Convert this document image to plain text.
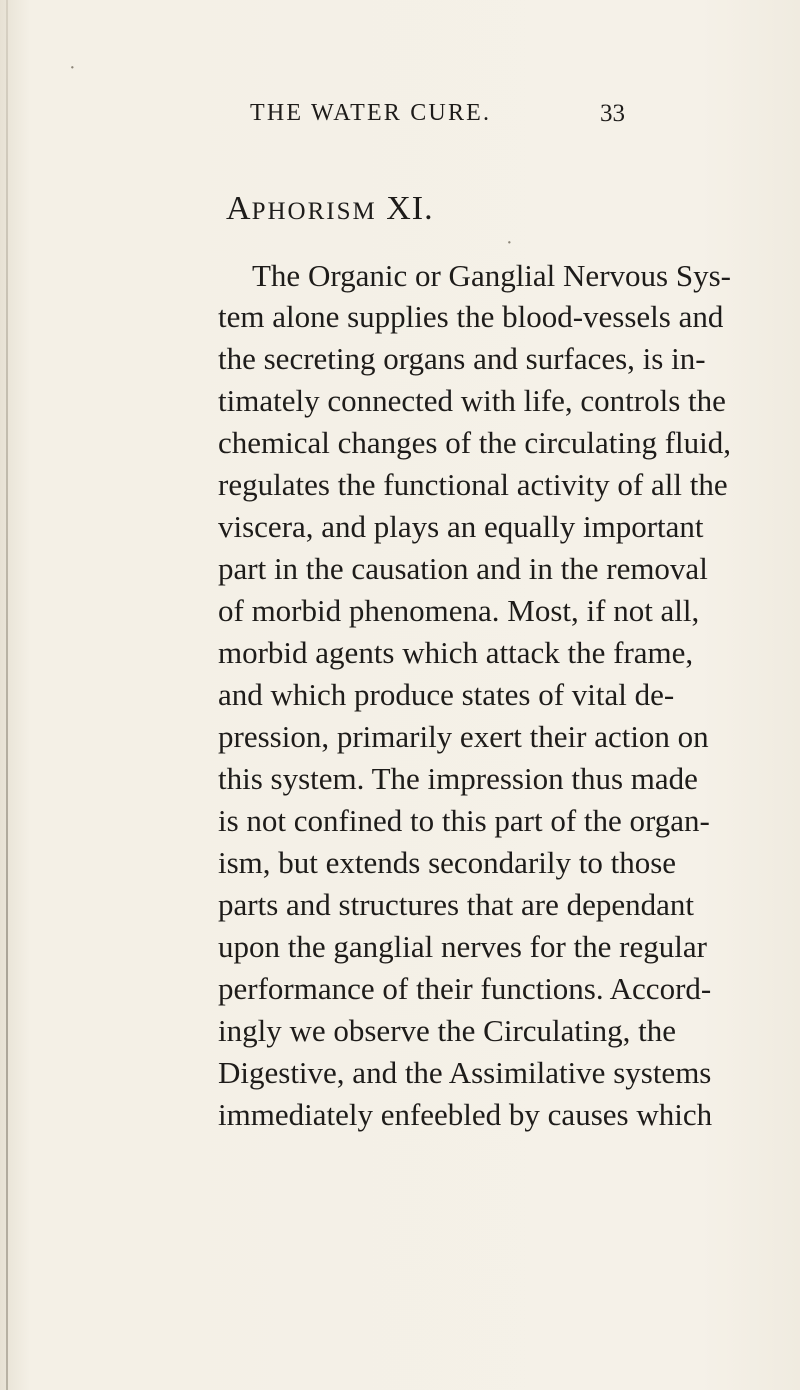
THE WATER CURE.	33
APHORISM XI.
The Organic or Ganglial Nervous Sys-
tem alone supplies the blood-vessels and
the secreting organs and surfaces, is in-
timately connected with life, controls the
chemical changes of the circulating fluid,
regulates the functional activity of all the
viscera, and plays an equally important
part in the causation and in the removal
of morbid phenomena. Most, if not all,
morbid agents which attack the frame,
and which produce states of vital de-
pression, primarily exert their action on
this system. The impression thus made
is not confined to this part of the organ-
ism, but extends secondarily to those
parts and structures that are dependant
upon the ganglial nerves for the regular
performance of their functions. Accord-
ingly we observe the Circulating, the
Digestive, and the Assimilative systems
immediately enfeebled by causes which
·
·
